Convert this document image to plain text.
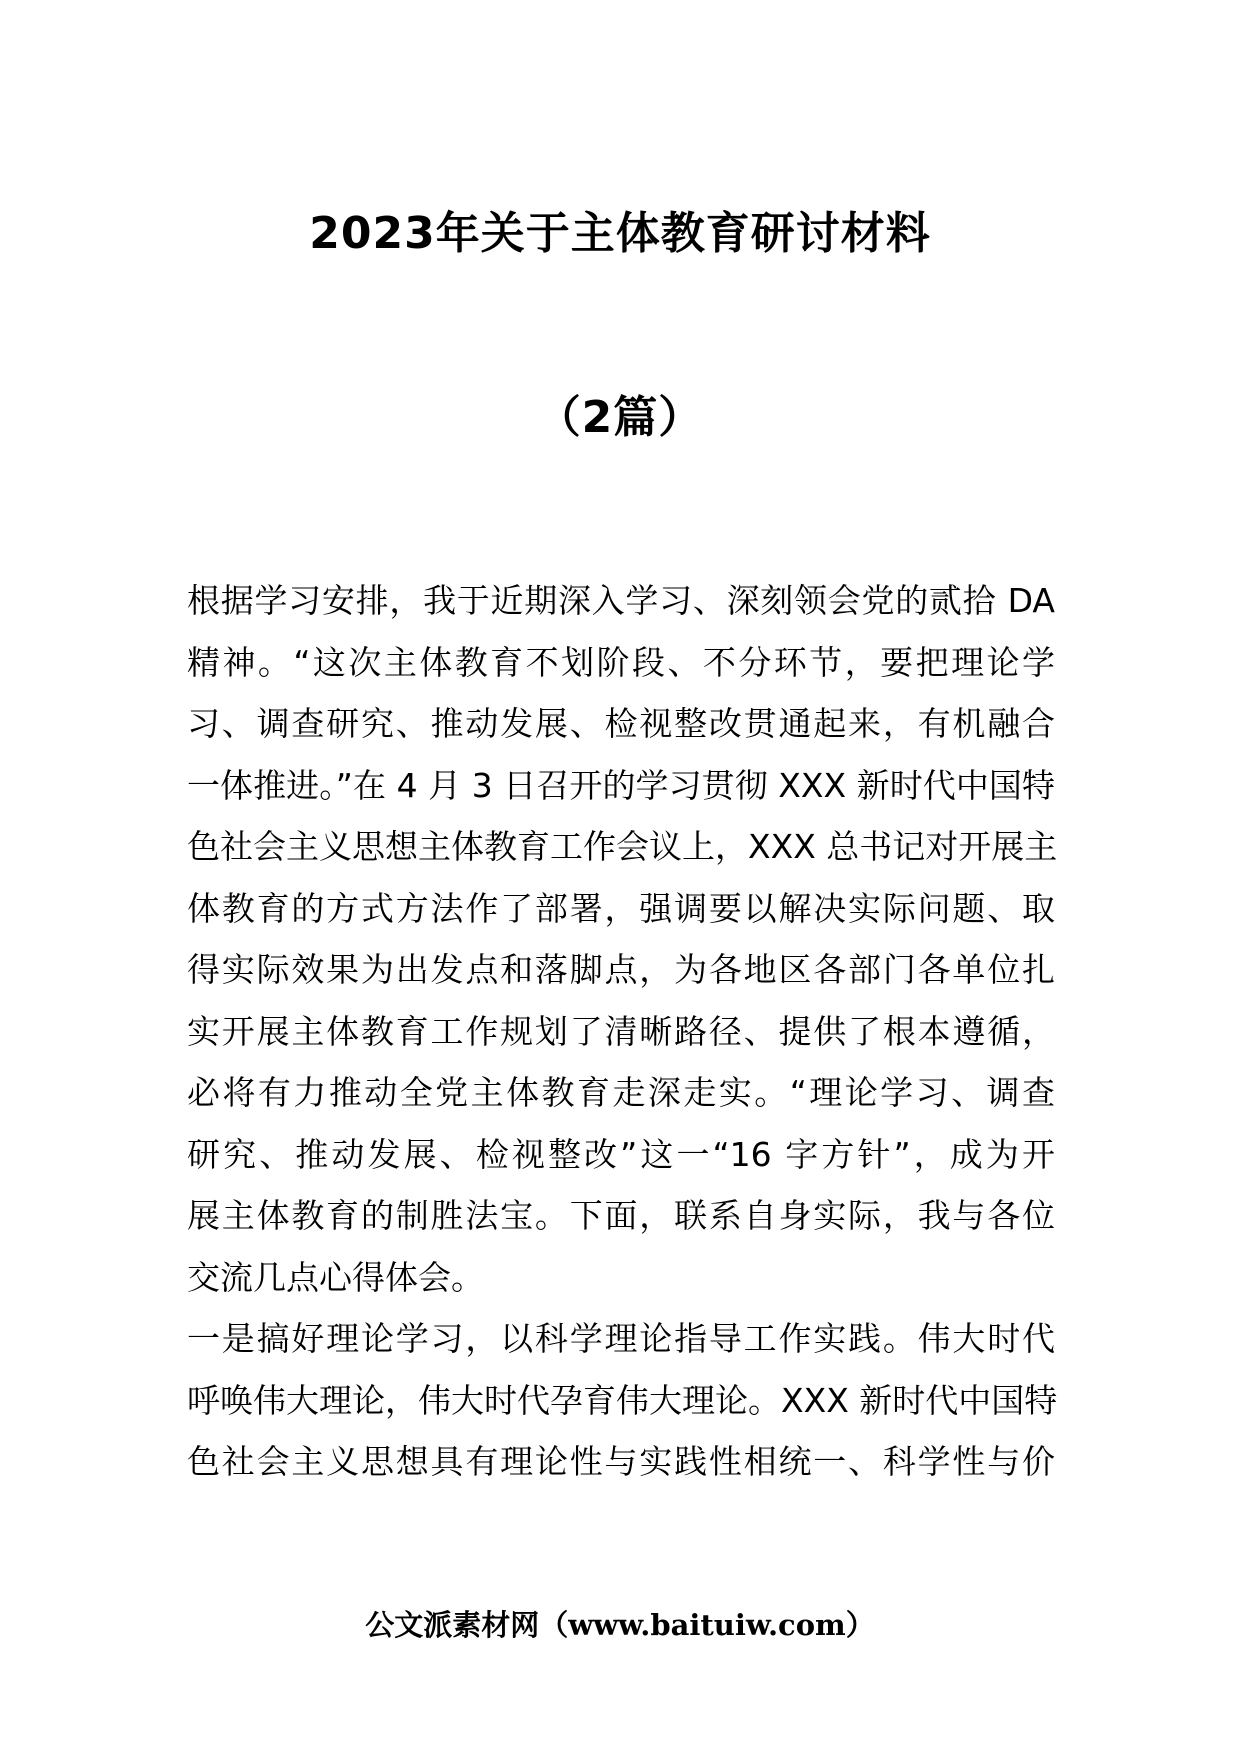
2023年关于主体教育研讨材料
（2篇）
根据学习安排，我于近期深入学习、深刻领会党的贰拾 DA
精神。“这次主体教育不划阶段、不分环节，要把理论学
习、调查研究、推动发展、检视整改贯通起来，有机融合
一体推进。”在 4 月 3 日召开的学习贯彻 XXX 新时代中国特
色社会主义思想主体教育工作会议上，XXX 总书记对开展主
体教育的方式方法作了部署，强调要以解决实际问题、取
得实际效果为出发点和落脚点，为各地区各部门各单位扎
实开展主体教育工作规划了清晰路径、提供了根本遵循，
必将有力推动全党主体教育走深走实。“理论学习、调查
研究、推动发展、检视整改”这一“16 字方针”，成为开
展主体教育的制胜法宝。下面，联系自身实际，我与各位
交流几点心得体会。
一是搞好理论学习，以科学理论指导工作实践。伟大时代
呼唤伟大理论，伟大时代孕育伟大理论。XXX 新时代中国特
色社会主义思想具有理论性与实践性相统一、科学性与价
公文派素材网（www.baituiw.com）
